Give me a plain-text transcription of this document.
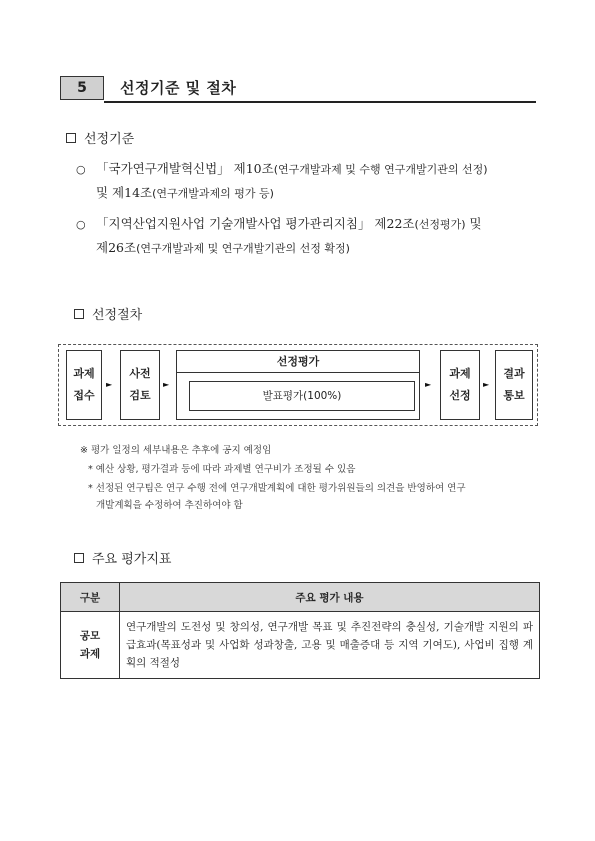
5	선정기준 및 절차
선정기준
○ 「국가연구개발혁신법」 제10조(연구개발과제 및 수행 연구개발기관의 선정)
및 제14조(연구개발과제의 평가 등)
○ 「지역산업지원사업 기술개발사업 평가관리지침」 제22조(선정평가) 및
제26조(연구개발과제 및 연구개발기관의 선정 확정)
선정절차
과제
접수
►
사전
검토
►
선정평가
발표평가(100%)
►
과제
선정
►
결과
통보
※ 평가 일정의 세부내용은 추후에 공지 예정임
* 예산 상황, 평가결과 등에 따라 과제별 연구비가 조정될 수 있음
* 선정된 연구팀은 연구 수행 전에 연구개발계획에 대한 평가위원들의 의견을 반영하여 연구
개발계획을 수정하여 추진하여야 함
주요 평가지표
구분	주요 평가 내용

공모
과제	연구개발의 도전성 및 창의성, 연구개발 목표 및 추진전략의 충실성, 기술개발 지원의 파급효과(목표성과 및 사업화 성과창출, 고용 및 매출증대 등 지역 기여도), 사업비 집행 계획의 적절성
